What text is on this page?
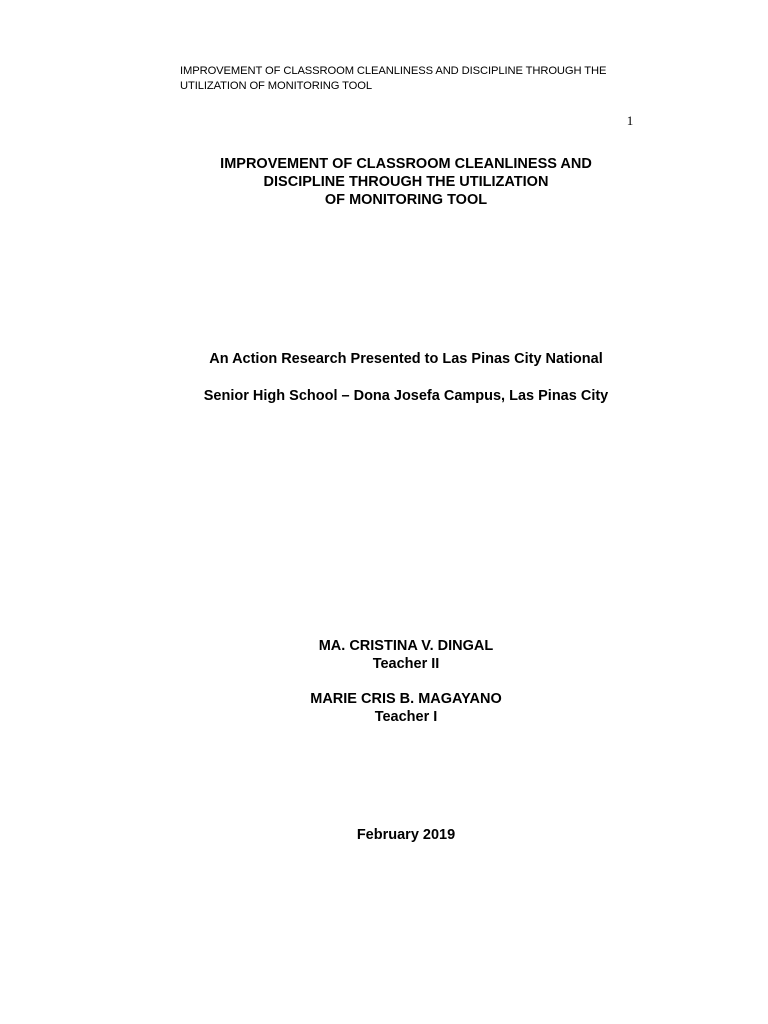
IMPROVEMENT OF CLASSROOM CLEANLINESS AND DISCIPLINE THROUGH THE
UTILIZATION OF MONITORING TOOL
1
IMPROVEMENT OF CLASSROOM CLEANLINESS AND
DISCIPLINE THROUGH THE UTILIZATION
OF MONITORING TOOL
An Action Research Presented to Las Pinas City National
Senior High School – Dona Josefa Campus, Las Pinas City
MA. CRISTINA V. DINGAL
Teacher II
MARIE CRIS B. MAGAYANO
Teacher I
February 2019
